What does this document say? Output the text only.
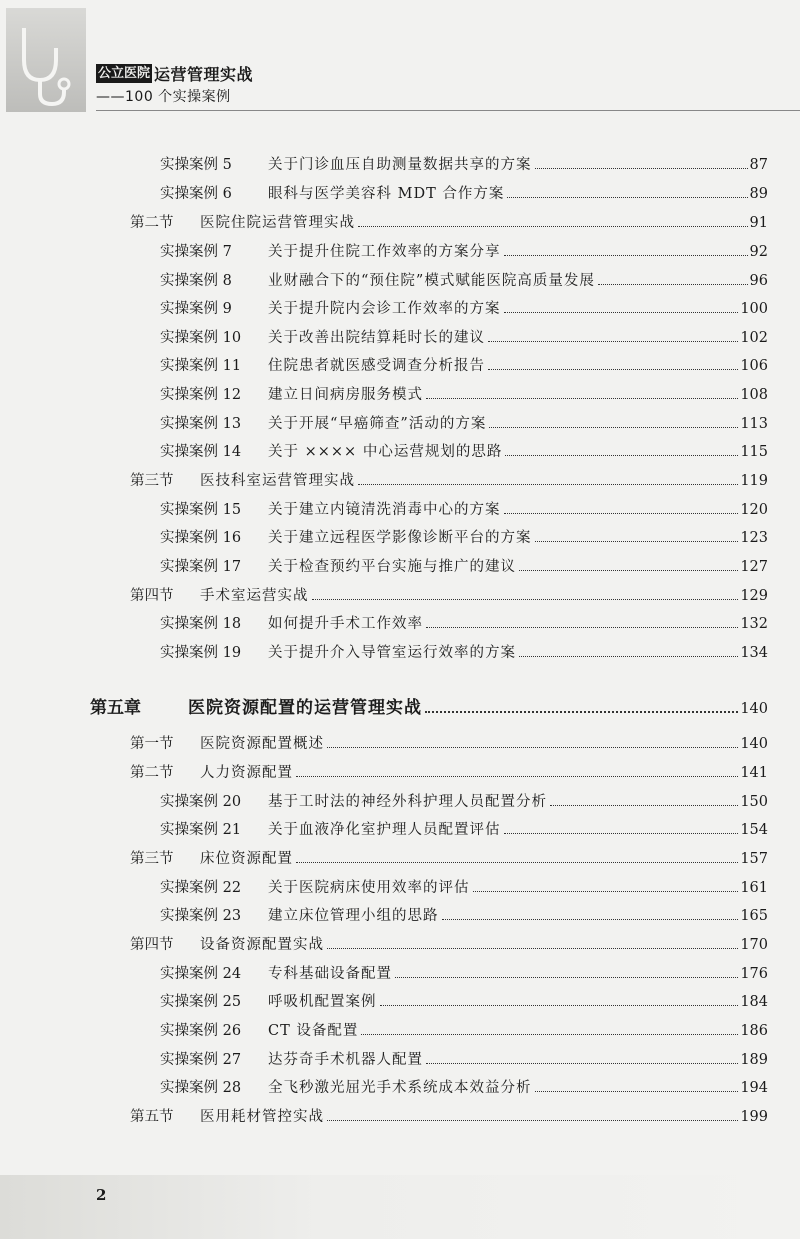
公立医院 运营管理实战
——100 个实操案例
实操案例 5	关于门诊血压自助测量数据共享的方案	87
实操案例 6	眼科与医学美容科 MDT 合作方案	89
第二节	医院住院运营管理实战	91
实操案例 7	关于提升住院工作效率的方案分享	92
实操案例 8	业财融合下的“预住院”模式赋能医院高质量发展	96
实操案例 9	关于提升院内会诊工作效率的方案	100
实操案例 10	关于改善出院结算耗时长的建议	102
实操案例 11	住院患者就医感受调查分析报告	106
实操案例 12	建立日间病房服务模式	108
实操案例 13	关于开展“早癌筛查”活动的方案	113
实操案例 14	关于 ×××× 中心运营规划的思路	115
第三节	医技科室运营管理实战	119
实操案例 15	关于建立内镜清洗消毒中心的方案	120
实操案例 16	关于建立远程医学影像诊断平台的方案	123
实操案例 17	关于检查预约平台实施与推广的建议	127
第四节	手术室运营实战	129
实操案例 18	如何提升手术工作效率	132
实操案例 19	关于提升介入导管室运行效率的方案	134
第五章	医院资源配置的运营管理实战	140
第一节	医院资源配置概述	140
第二节	人力资源配置	141
实操案例 20	基于工时法的神经外科护理人员配置分析	150
实操案例 21	关于血液净化室护理人员配置评估	154
第三节	床位资源配置	157
实操案例 22	关于医院病床使用效率的评估	161
实操案例 23	建立床位管理小组的思路	165
第四节	设备资源配置实战	170
实操案例 24	专科基础设备配置	176
实操案例 25	呼吸机配置案例	184
实操案例 26	CT 设备配置	186
实操案例 27	达芬奇手术机器人配置	189
实操案例 28	全飞秒激光屈光手术系统成本效益分析	194
第五节	医用耗材管控实战	199
2
